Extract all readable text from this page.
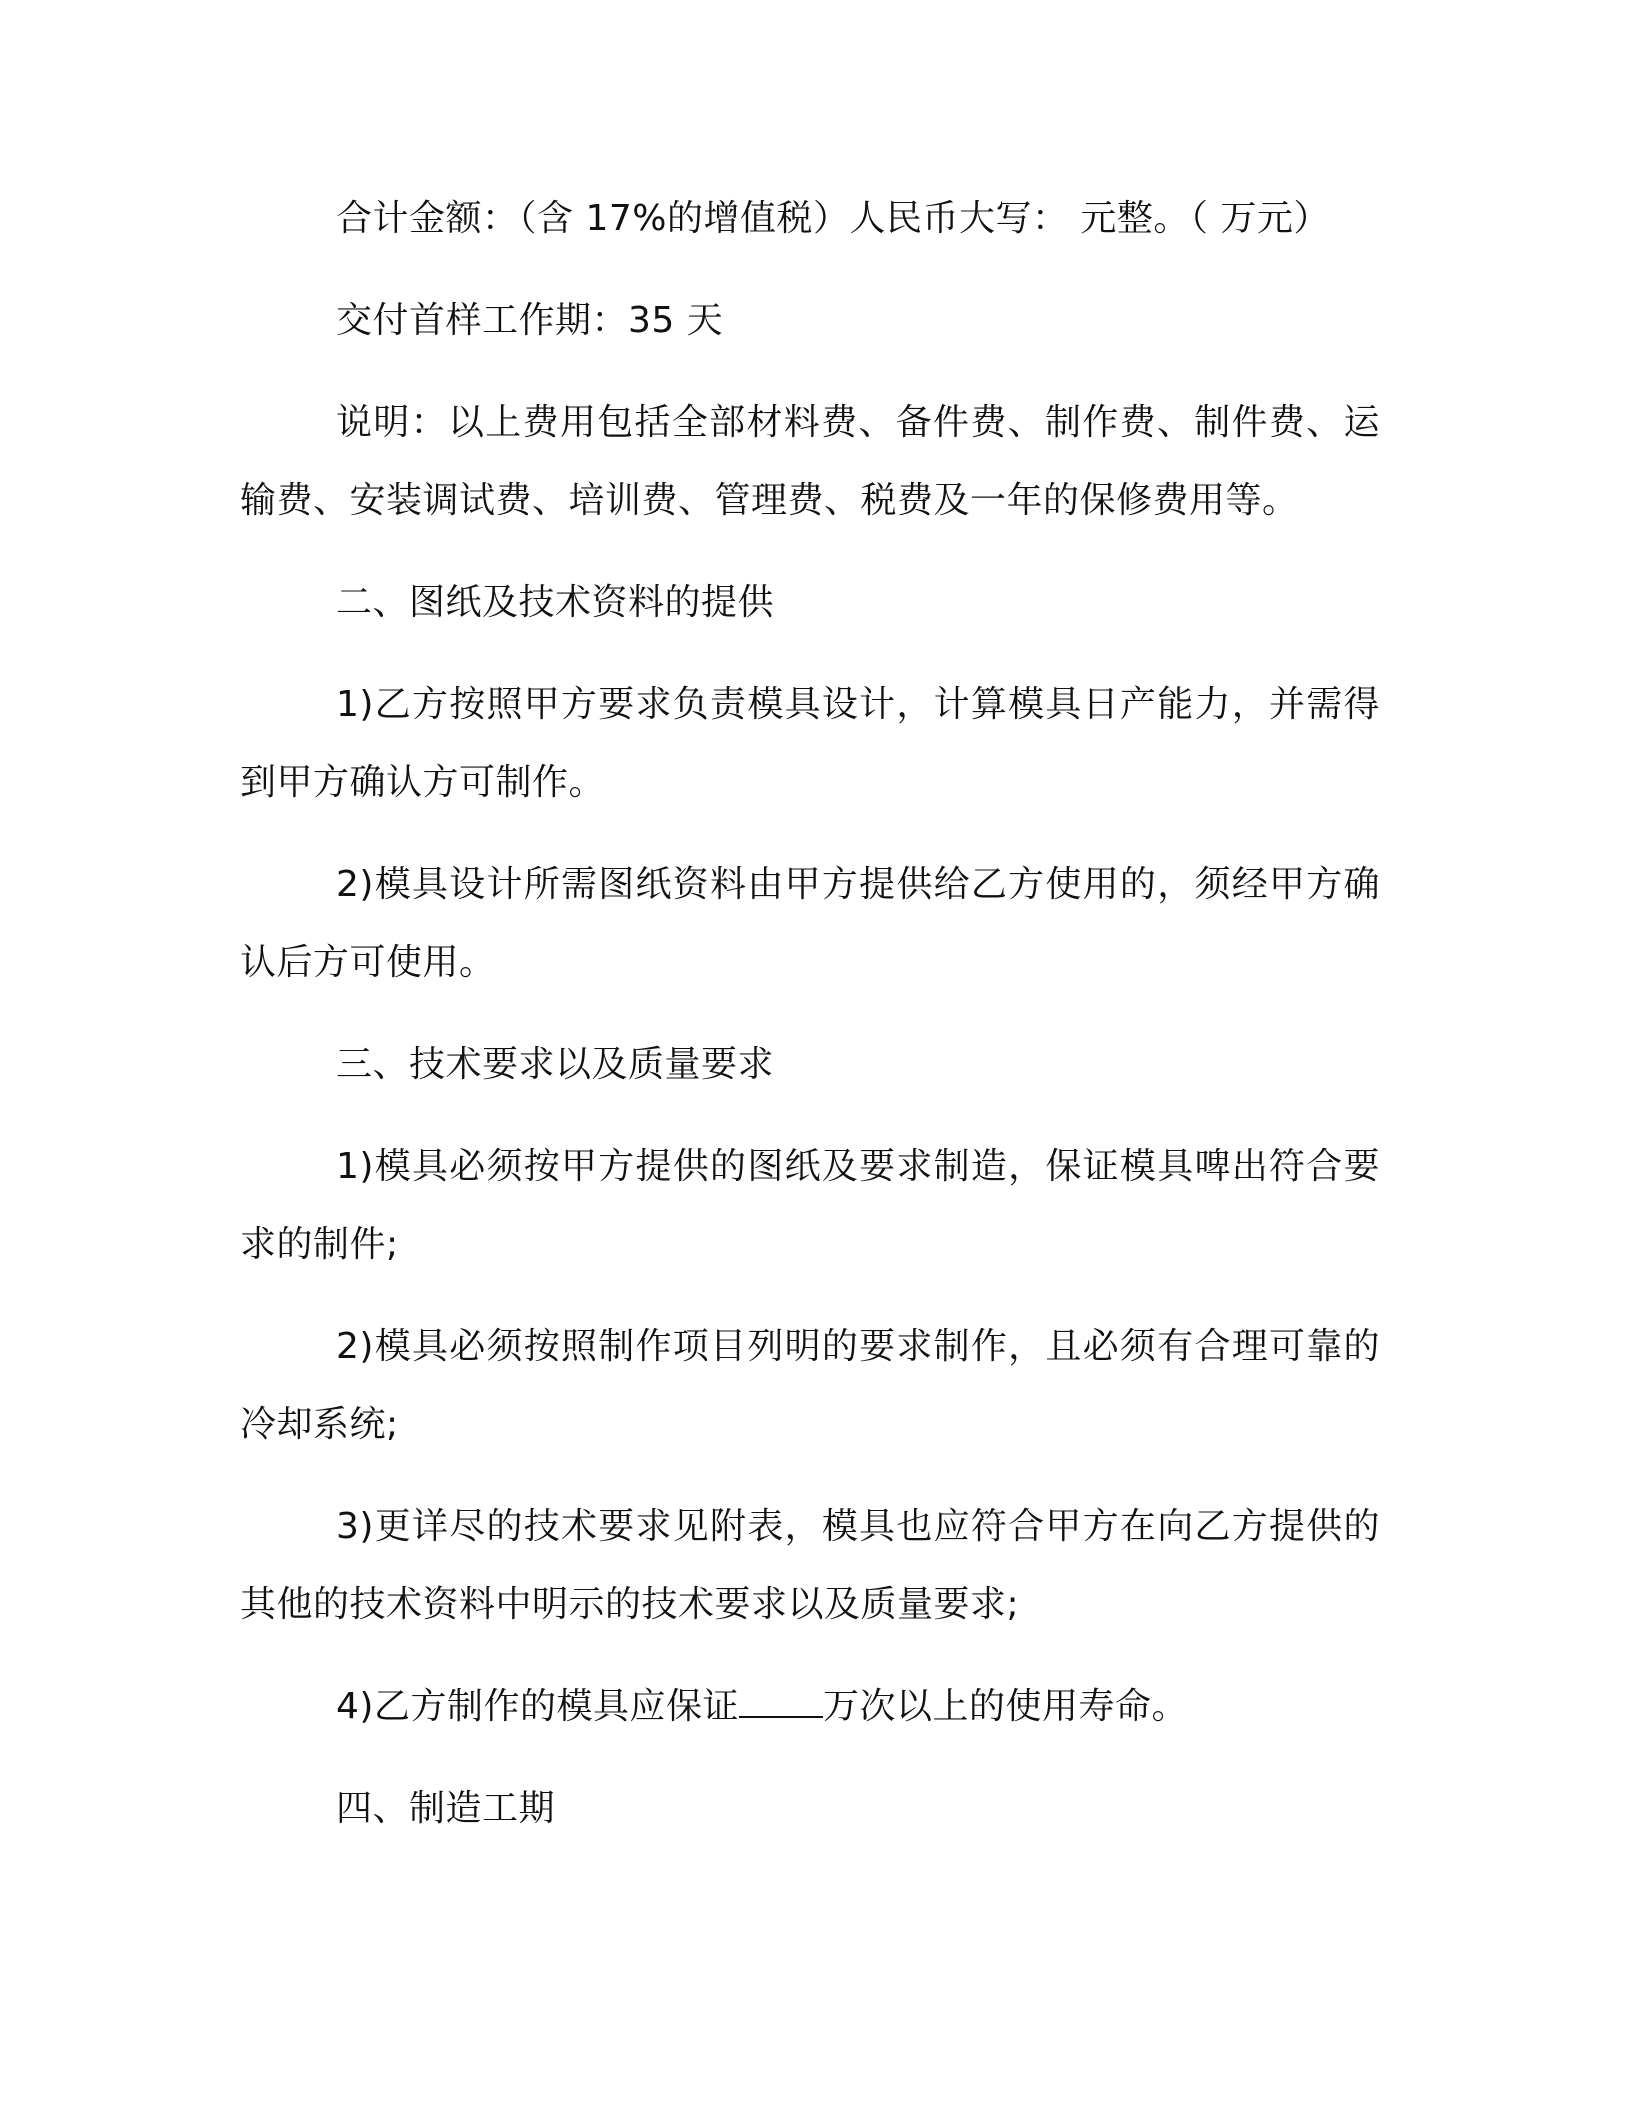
合计金额：（含 17%的增值税）人民币大写： 元整。（ 万元）

交付首样工作期：35 天

说明：以上费用包括全部材料费、备件费、制作费、制件费、运输费、安装调试费、培训费、管理费、税费及一年的保修费用等。

二、图纸及技术资料的提供

1)乙方按照甲方要求负责模具设计，计算模具日产能力，并需得到甲方确认方可制作。

2)模具设计所需图纸资料由甲方提供给乙方使用的，须经甲方确认后方可使用。

三、技术要求以及质量要求

1)模具必须按甲方提供的图纸及要求制造，保证模具啤出符合要求的制件;

2)模具必须按照制作项目列明的要求制作，且必须有合理可靠的冷却系统;

3)更详尽的技术要求见附表，模具也应符合甲方在向乙方提供的其他的技术资料中明示的技术要求以及质量要求;

4)乙方制作的模具应保证 万次以上的使用寿命。

四、制造工期
